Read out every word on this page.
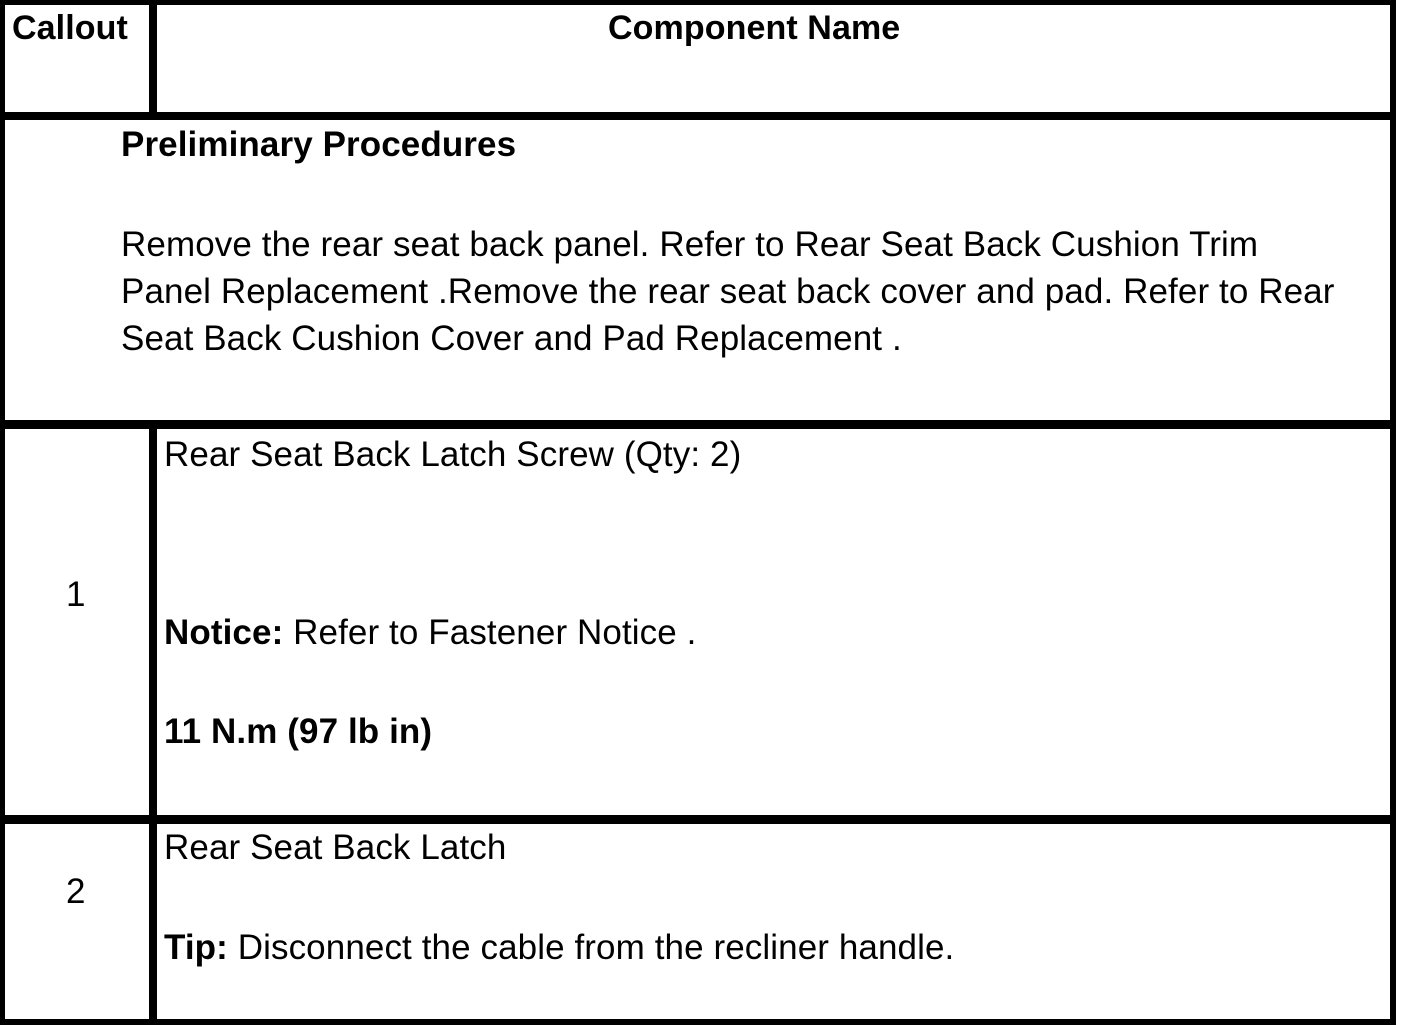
Callout	Component Name
Preliminary Procedures
Remove the rear seat back panel. Refer to Rear Seat Back Cushion Trim Panel Replacement .Remove the rear seat back cover and pad. Refer to Rear Seat Back Cushion Cover and Pad Replacement .
1
Rear Seat Back Latch Screw (Qty: 2)
Notice: Refer to Fastener Notice .
11 N.m (97 lb in)
2
Rear Seat Back Latch
Tip: Disconnect the cable from the recliner handle.
